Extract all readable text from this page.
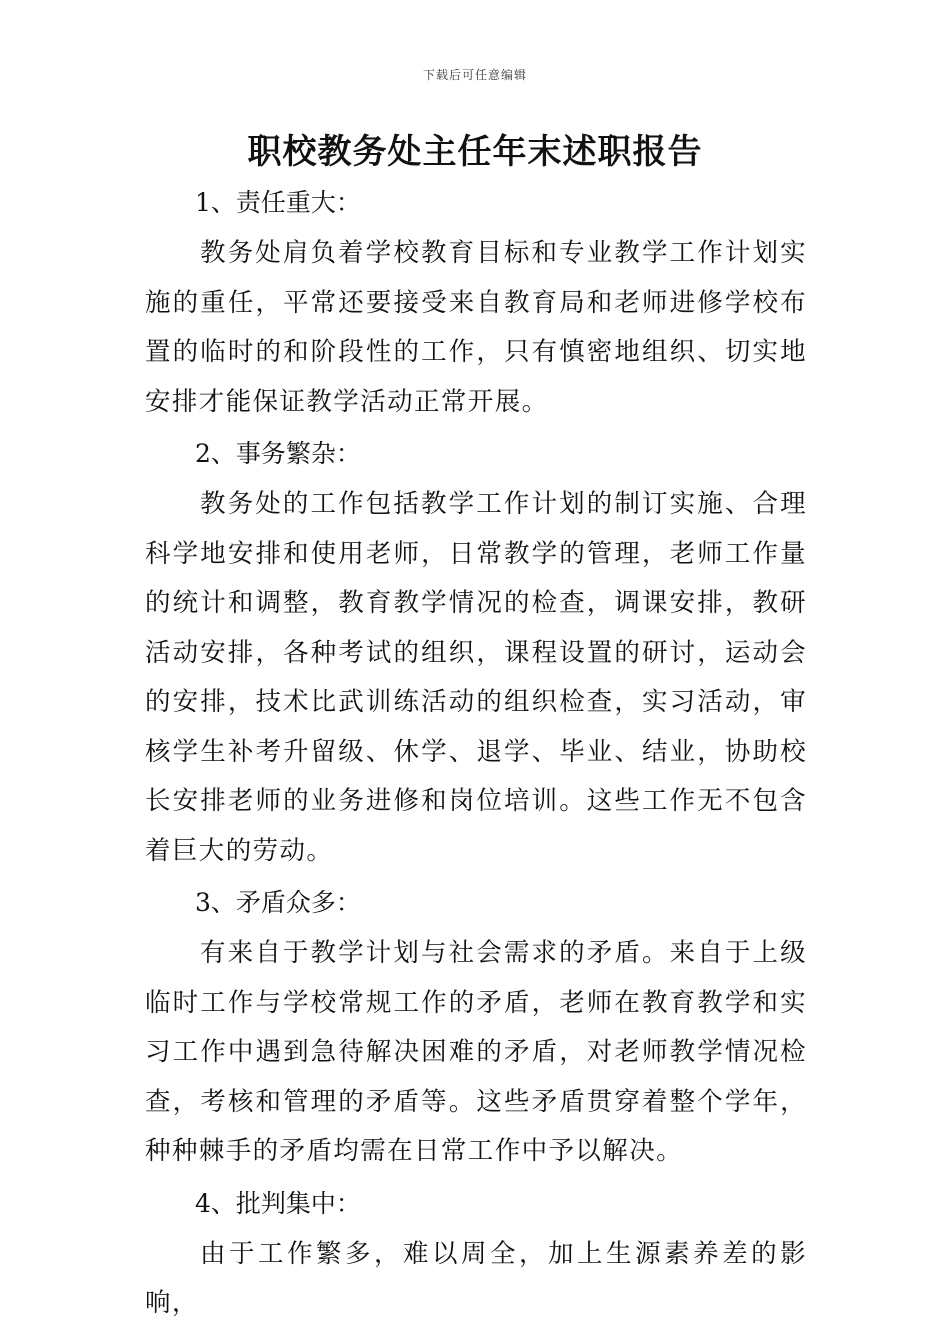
下载后可任意编辑
职校教务处主任年末述职报告
1、责任重大：
教务处肩负着学校教育目标和专业教学工作计划实施的重任，平常还要接受来自教育局和老师进修学校布置的临时的和阶段性的工作，只有慎密地组织、切实地安排才能保证教学活动正常开展。
2、事务繁杂：
教务处的工作包括教学工作计划的制订实施、合理科学地安排和使用老师，日常教学的管理，老师工作量的统计和调整，教育教学情况的检查，调课安排，教研活动安排，各种考试的组织，课程设置的研讨，运动会的安排，技术比武训练活动的组织检查，实习活动，审核学生补考升留级、休学、退学、毕业、结业，协助校长安排老师的业务进修和岗位培训。这些工作无不包含着巨大的劳动。
3、矛盾众多：
有来自于教学计划与社会需求的矛盾。来自于上级临时工作与学校常规工作的矛盾，老师在教育教学和实习工作中遇到急待解决困难的矛盾，对老师教学情况检查，考核和管理的矛盾等。这些矛盾贯穿着整个学年，种种棘手的矛盾均需在日常工作中予以解决。
4、批判集中：
由于工作繁多，难以周全，加上生源素养差的影响，
